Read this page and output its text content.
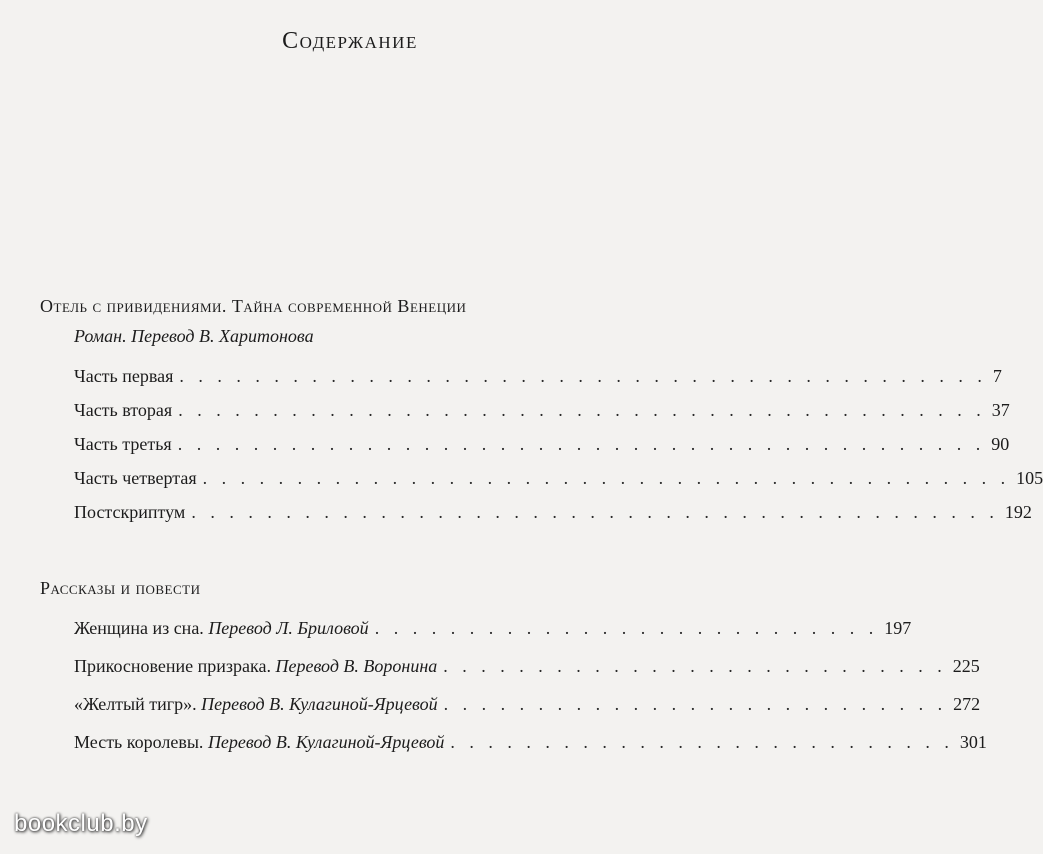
Содержание
Отель с привидениями. Тайна современной Венеции
Роман. Перевод В. Харитонова
Часть первая . . . . . . . . . . . . . . . . . . . . . . . . . . . . . . . . . . . . . . . . . . . 7
Часть вторая . . . . . . . . . . . . . . . . . . . . . . . . . . . . . . . . . . . . . . . . . . . 37
Часть третья . . . . . . . . . . . . . . . . . . . . . . . . . . . . . . . . . . . . . . . . . . . 90
Часть четвертая . . . . . . . . . . . . . . . . . . . . . . . . . . . . . . . . . . . . . . . . . . . 105
Постскриптум . . . . . . . . . . . . . . . . . . . . . . . . . . . . . . . . . . . . . . . . . . . 192
Рассказы и повести
Женщина из сна. Перевод Л. Бриловой . . . . . . . . . . . . . . . . . . . . . . . . . . . 197
Прикосновение призрака. Перевод В. Воронина . . . . . . . . . . . . . . . . . . . . . . . . . . . 225
«Желтый тигр». Перевод В. Кулагиной-Ярцевой . . . . . . . . . . . . . . . . . . . . . . . . . . . 272
Месть королевы. Перевод В. Кулагиной-Ярцевой . . . . . . . . . . . . . . . . . . . . . . . . . . . 301
bookclub.by
